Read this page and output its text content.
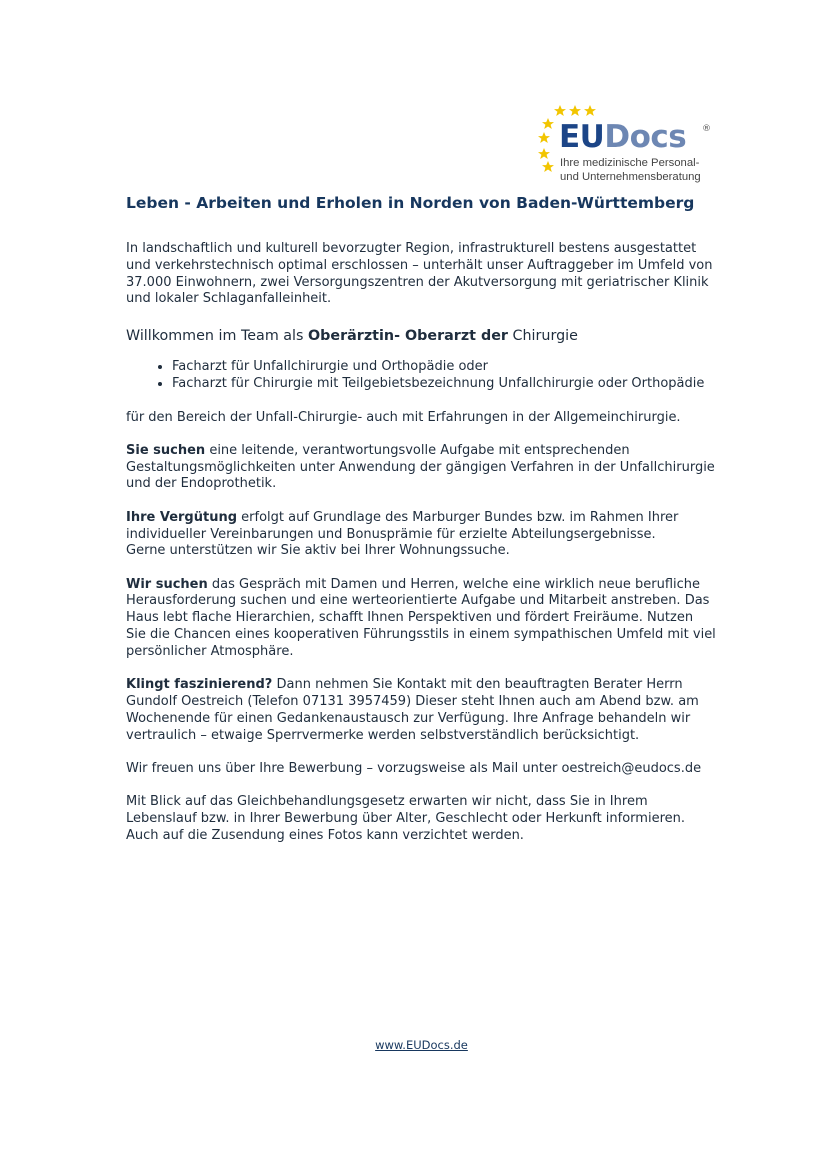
EUDocs ®
Ihre medizinische Personal-
und Unternehmensberatung
Leben - Arbeiten und Erholen in Norden von Baden-Württemberg

In landschaftlich und kulturell bevorzugter Region, infrastrukturell bestens ausgestattet und verkehrstechnisch optimal erschlossen – unterhält unser Auftraggeber im Umfeld von 37.000 Einwohnern, zwei Versorgungszentren der Akutversorgung mit geriatrischer Klinik und lokaler Schlaganfalleinheit.

Willkommen im Team als Oberärztin- Oberarzt der Chirurgie

• Facharzt für Unfallchirurgie und Orthopädie oder
• Facharzt für Chirurgie mit Teilgebietsbezeichnung Unfallchirurgie oder Orthopädie

für den Bereich der Unfall-Chirurgie- auch mit Erfahrungen in der Allgemeinchirurgie.

Sie suchen eine leitende, verantwortungsvolle Aufgabe mit entsprechenden Gestaltungsmöglichkeiten unter Anwendung der gängigen Verfahren in der Unfallchirurgie und der Endoprothetik.

Ihre Vergütung erfolgt auf Grundlage des Marburger Bundes bzw. im Rahmen Ihrer individueller Vereinbarungen und Bonusprämie für erzielte Abteilungsergebnisse.
Gerne unterstützen wir Sie aktiv bei Ihrer Wohnungssuche.

Wir suchen das Gespräch mit Damen und Herren, welche eine wirklich neue berufliche Herausforderung suchen und eine werteorientierte Aufgabe und Mitarbeit anstreben. Das Haus lebt flache Hierarchien, schafft Ihnen Perspektiven und fördert Freiräume. Nutzen Sie die Chancen eines kooperativen Führungsstils in einem sympathischen Umfeld mit viel persönlicher Atmosphäre.

Klingt faszinierend? Dann nehmen Sie Kontakt mit den beauftragten Berater Herrn Gundolf Oestreich (Telefon 07131 3957459) Dieser steht Ihnen auch am Abend bzw. am Wochenende für einen Gedankenaustausch zur Verfügung. Ihre Anfrage behandeln wir vertraulich – etwaige Sperrvermerke werden selbstverständlich berücksichtigt.

Wir freuen uns über Ihre Bewerbung – vorzugsweise als Mail unter oestreich@eudocs.de

Mit Blick auf das Gleichbehandlungsgesetz erwarten wir nicht, dass Sie in Ihrem Lebenslauf bzw. in Ihrer Bewerbung über Alter, Geschlecht oder Herkunft informieren. Auch auf die Zusendung eines Fotos kann verzichtet werden.

www.EUDocs.de
